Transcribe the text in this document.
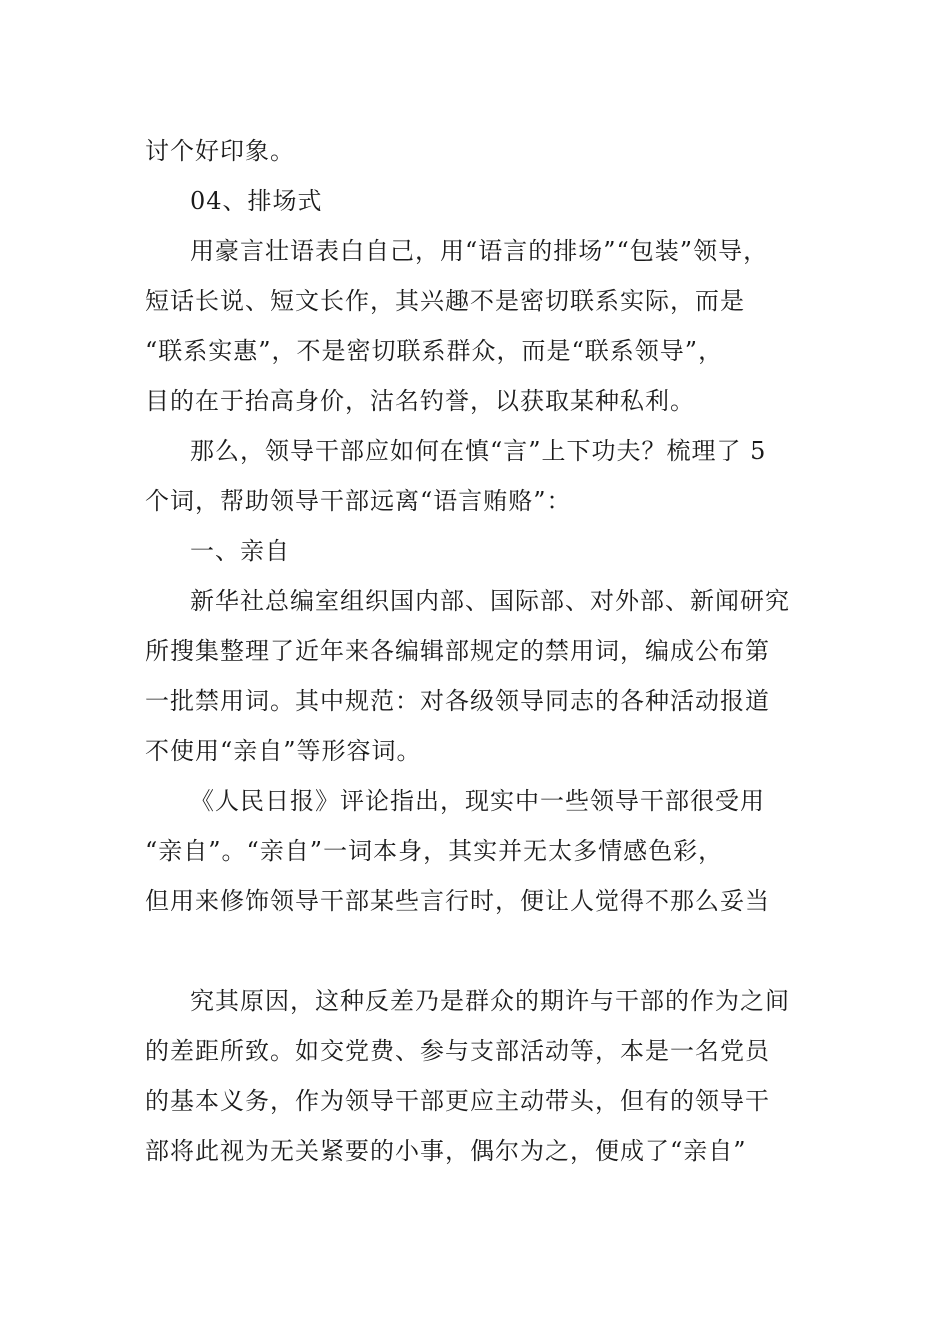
讨个好印象。
04、排场式
用豪言壮语表白自己，用“语言的排场”“包装”领导，
短话长说、短文长作，其兴趣不是密切联系实际，而是
“联系实惠”，不是密切联系群众，而是“联系领导”，
目的在于抬高身价，沽名钓誉，以获取某种私利。
那么，领导干部应如何在慎“言”上下功夫？梳理了 5
个词，帮助领导干部远离“语言贿赂”：
一、亲自
新华社总编室组织国内部、国际部、对外部、新闻研究
所搜集整理了近年来各编辑部规定的禁用词，编成公布第
一批禁用词。其中规范：对各级领导同志的各种活动报道
不使用“亲自”等形容词。
《人民日报》评论指出，现实中一些领导干部很受用
“亲自”。“亲自”一词本身，其实并无太多情感色彩，
但用来修饰领导干部某些言行时，便让人觉得不那么妥当
究其原因，这种反差乃是群众的期许与干部的作为之间
的差距所致。如交党费、参与支部活动等，本是一名党员
的基本义务，作为领导干部更应主动带头，但有的领导干
部将此视为无关紧要的小事，偶尔为之，便成了“亲自”
